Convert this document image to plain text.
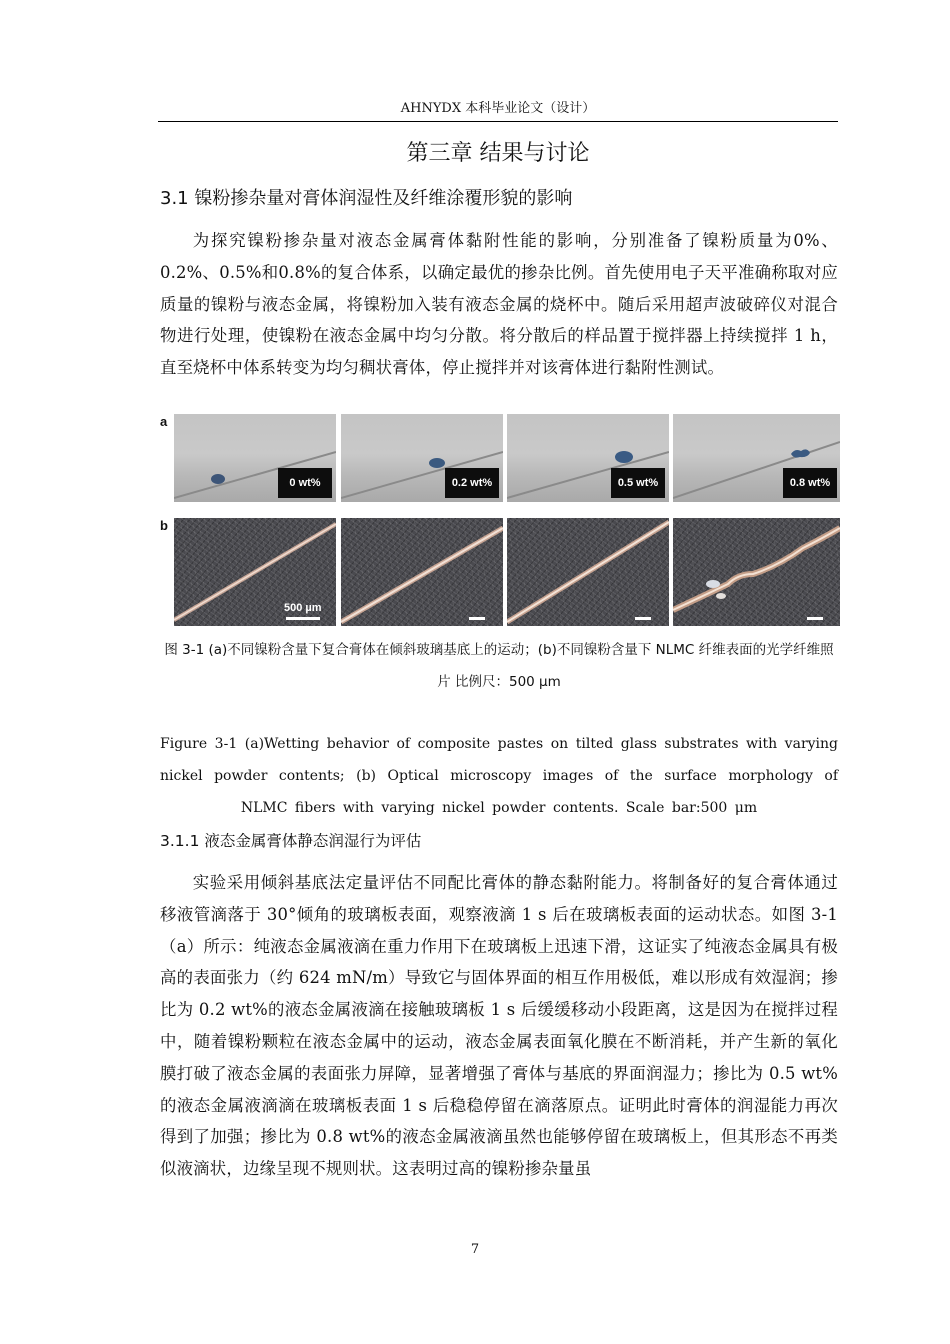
AHNYDX 本科毕业论文（设计）
第三章 结果与讨论
3.1 镍粉掺杂量对膏体润湿性及纤维涂覆形貌的影响

为探究镍粉掺杂量对液态金属膏体黏附性能的影响，分别准备了镍粉质量为0%、0.2%、0.5%和0.8%的复合体系，以确定最优的掺杂比例。首先使用电子天平准确称取对应质量的镍粉与液态金属，将镍粉加入装有液态金属的烧杯中。随后采用超声波破碎仪对混合物进行处理，使镍粉在液态金属中均匀分散。将分散后的样品置于搅拌器上持续搅拌 1 h，直至烧杯中体系转变为均匀稠状膏体，停止搅拌并对该膏体进行黏附性测试。

a
b
0 wt%	0.2 wt%	0.5 wt%	0.8 wt%
500 µm
图 3-1 (a)不同镍粉含量下复合膏体在倾斜玻璃基底上的运动；(b)不同镍粉含量下 NLMC 纤维表面的光学纤维照片 比例尺：500 μm
Figure 3-1 (a)Wetting behavior of composite pastes on tilted glass substrates with varying nickel powder contents; (b) Optical microscopy images of the surface morphology of NLMC fibers with varying nickel powder contents. Scale bar:500 μm
3.1.1 液态金属膏体静态润湿行为评估

实验采用倾斜基底法定量评估不同配比膏体的静态黏附能力。将制备好的复合膏体通过移液管滴落于 30°倾角的玻璃板表面，观察液滴 1 s 后在玻璃板表面的运动状态。如图 3-1（a）所示：纯液态金属液滴在重力作用下在玻璃板上迅速下滑，这证实了纯液态金属具有极高的表面张力（约 624 mN/m）导致它与固体界面的相互作用极低，难以形成有效湿润；掺比为 0.2 wt%的液态金属液滴在接触玻璃板 1 s 后缓缓移动小段距离，这是因为在搅拌过程中，随着镍粉颗粒在液态金属中的运动，液态金属表面氧化膜在不断消耗，并产生新的氧化膜打破了液态金属的表面张力屏障，显著增强了膏体与基底的界面润湿力；掺比为 0.5 wt%的液态金属液滴滴在玻璃板表面 1 s 后稳稳停留在滴落原点。证明此时膏体的润湿能力再次得到了加强；掺比为 0.8 wt%的液态金属液滴虽然也能够停留在玻璃板上，但其形态不再类似液滴状，边缘呈现不规则状。这表明过高的镍粉掺杂量虽

7
